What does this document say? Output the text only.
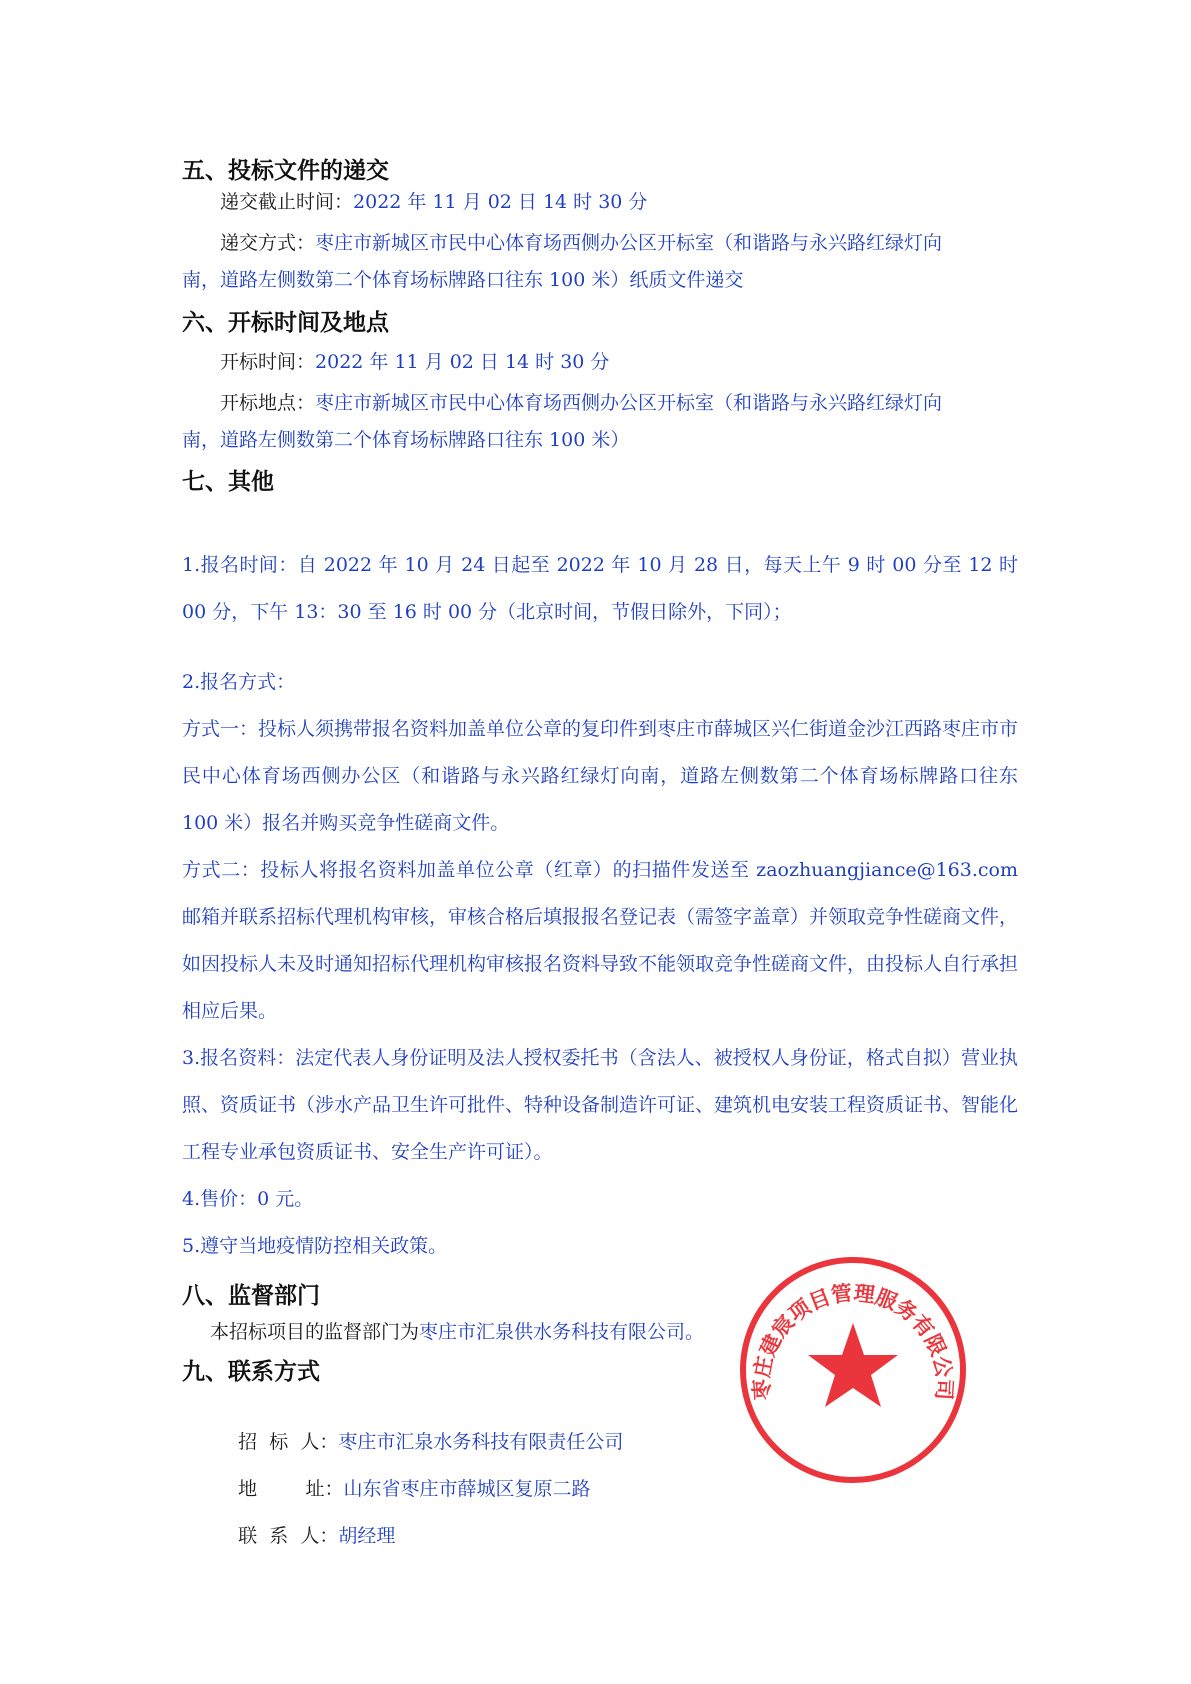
五、投标文件的递交
递交截止时间：2022 年 11 月 02 日 14 时 30 分
递交方式：枣庄市新城区市民中心体育场西侧办公区开标室（和谐路与永兴路红绿灯向
南，道路左侧数第二个体育场标牌路口往东 100 米）纸质文件递交
六、开标时间及地点
开标时间：2022 年 11 月 02 日 14 时 30 分
开标地点：枣庄市新城区市民中心体育场西侧办公区开标室（和谐路与永兴路红绿灯向
南，道路左侧数第二个体育场标牌路口往东 100 米）
七、其他
1.报名时间：自 2022 年 10 月 24 日起至 2022 年 10 月 28 日，每天上午 9 时 00 分至 12 时 00 分，下午 13：30 至 16 时 00 分（北京时间，节假日除外，下同）；
2.报名方式：
方式一：投标人须携带报名资料加盖单位公章的复印件到枣庄市薛城区兴仁街道金沙江西路枣庄市市民中心体育场西侧办公区（和谐路与永兴路红绿灯向南，道路左侧数第二个体育场标牌路口往东 100 米）报名并购买竞争性磋商文件。
方式二：投标人将报名资料加盖单位公章（红章）的扫描件发送至 zaozhuangjiance@163.com 邮箱并联系招标代理机构审核，审核合格后填报报名登记表（需签字盖章）并领取竞争性磋商文件，如因投标人未及时通知招标代理机构审核报名资料导致不能领取竞争性磋商文件，由投标人自行承担相应后果。
3.报名资料：法定代表人身份证明及法人授权委托书（含法人、被授权人身份证，格式自拟）营业执照、资质证书（涉水产品卫生许可批件、特种设备制造许可证、建筑机电安装工程资质证书、智能化工程专业承包资质证书、安全生产许可证）。
4.售价：0 元。
5.遵守当地疫情防控相关政策。
八、监督部门
本招标项目的监督部门为枣庄市汇泉供水务科技有限公司。
九、联系方式

招  标  人：枣庄市汇泉水务科技有限责任公司

地        址：山东省枣庄市薛城区复原二路

联  系  人：胡经理

枣庄建宸项目管理服务有限公司
